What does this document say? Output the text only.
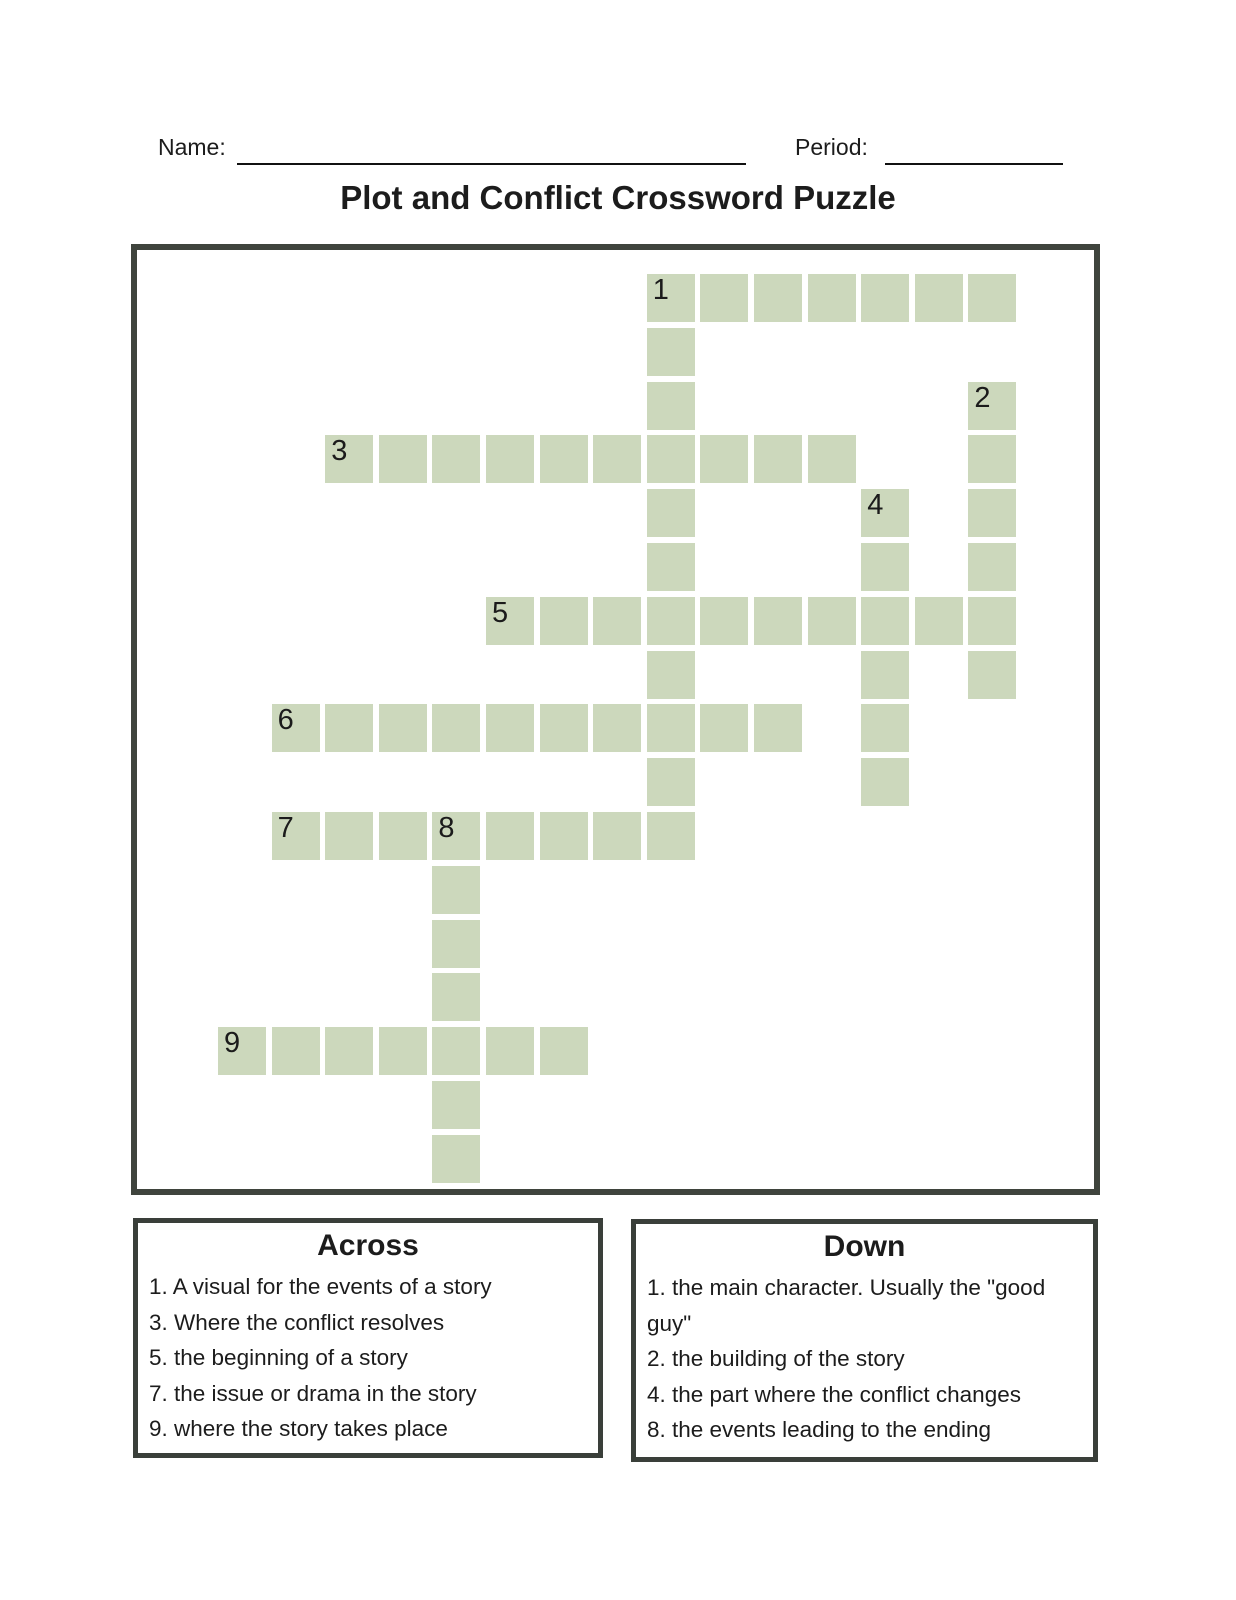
Name:	Period:
Plot and Conflict Crossword Puzzle
1
2
3
4
5
6
7	8
9
Across
1. A visual for the events of a story
3. Where the conflict resolves
5. the beginning of a story
7. the issue or drama in the story
9. where the story takes place
Down
1. the main character. Usually the "good guy"
2. the building of the story
4. the part where the conflict changes
8. the events leading to the ending
